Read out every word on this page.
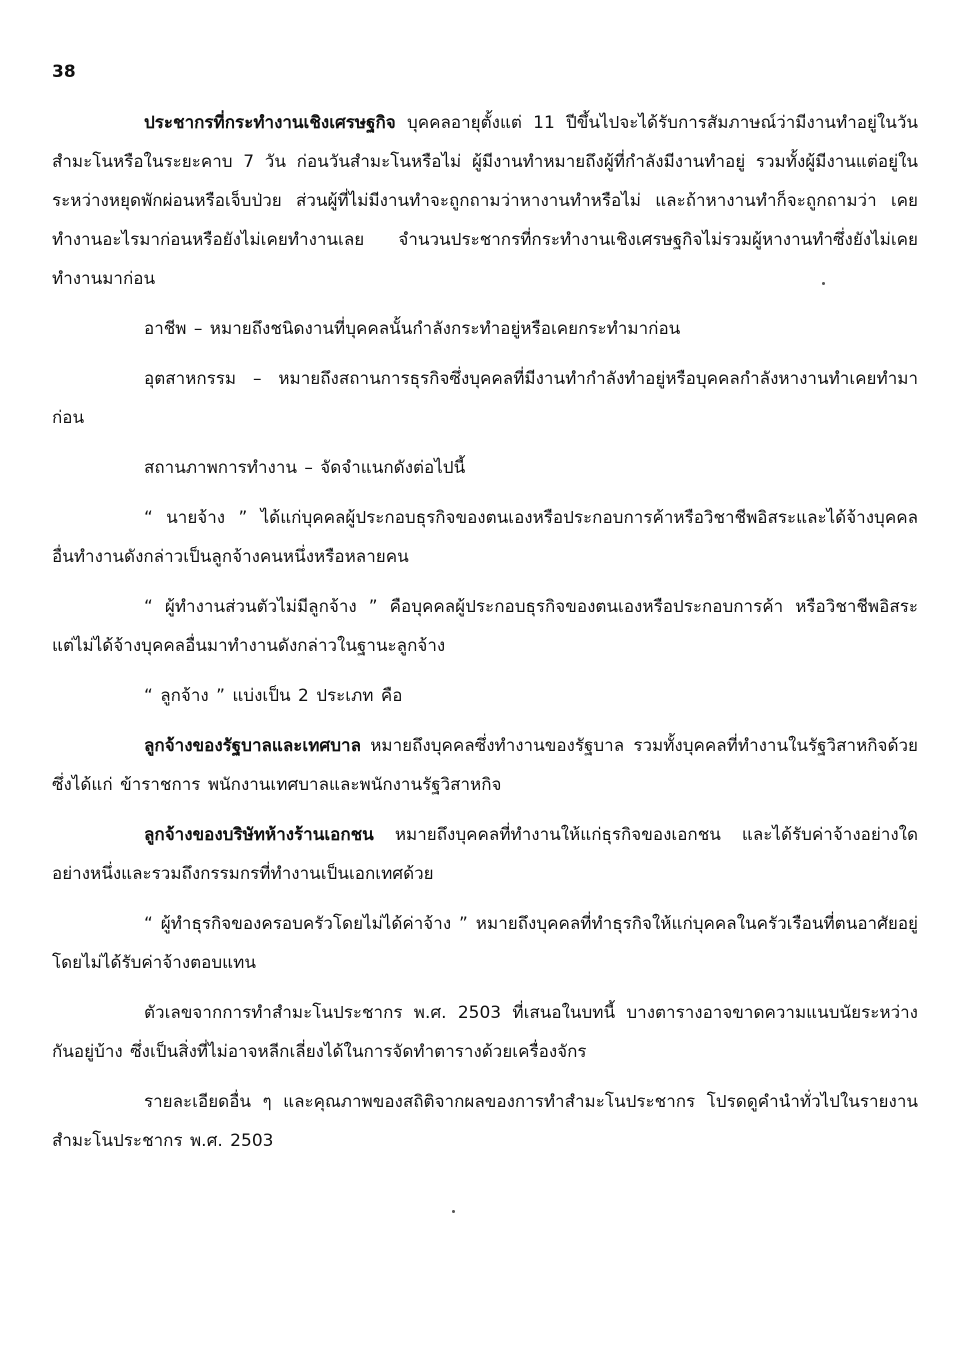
38

ประชากรที่กระทำงานเชิงเศรษฐกิจ บุคคลอายุตั้งแต่ 11 ปีขึ้นไปจะได้รับการสัมภาษณ์ว่ามีงานทำอยู่ในวันสำมะโนหรือในระยะคาบ 7 วัน ก่อนวันสำมะโนหรือไม่ ผู้มีงานทำหมายถึงผู้ที่กำลังมีงานทำอยู่ รวมทั้งผู้มีงานแต่อยู่ในระหว่างหยุดพักผ่อนหรือเจ็บป่วย ส่วนผู้ที่ไม่มีงานทำจะถูกถามว่าหางานทำหรือไม่ และถ้าหางานทำก็จะถูกถามว่า เคยทำงานอะไรมาก่อนหรือยังไม่เคยทำงานเลย จำนวนประชากรที่กระทำงานเชิงเศรษฐกิจไม่รวมผู้หางานทำซึ่งยังไม่เคยทำงานมาก่อน

อาชีพ – หมายถึงชนิดงานที่บุคคลนั้นกำลังกระทำอยู่หรือเคยกระทำมาก่อน

อุตสาหกรรม – หมายถึงสถานการธุรกิจซึ่งบุคคลที่มีงานทำกำลังทำอยู่หรือบุคคลกำลังหางานทำเคยทำมาก่อน

สถานภาพการทำงาน – จัดจำแนกดังต่อไปนี้

“ นายจ้าง ” ได้แก่บุคคลผู้ประกอบธุรกิจของตนเองหรือประกอบการค้าหรือวิชาชีพอิสระและได้จ้างบุคคลอื่นทำงานดังกล่าวเป็นลูกจ้างคนหนึ่งหรือหลายคน

“ ผู้ทำงานส่วนตัวไม่มีลูกจ้าง ” คือบุคคลผู้ประกอบธุรกิจของตนเองหรือประกอบการค้า หรือวิชาชีพอิสระ แต่ไม่ได้จ้างบุคคลอื่นมาทำงานดังกล่าวในฐานะลูกจ้าง

“ ลูกจ้าง ” แบ่งเป็น 2 ประเภท คือ

ลูกจ้างของรัฐบาลและเทศบาล หมายถึงบุคคลซึ่งทำงานของรัฐบาล รวมทั้งบุคคลที่ทำงานในรัฐวิสาหกิจด้วย ซึ่งได้แก่ ข้าราชการ พนักงานเทศบาลและพนักงานรัฐวิสาหกิจ

ลูกจ้างของบริษัทห้างร้านเอกชน หมายถึงบุคคลที่ทำงานให้แก่ธุรกิจของเอกชน และได้รับค่าจ้างอย่างใดอย่างหนึ่งและรวมถึงกรรมกรที่ทำงานเป็นเอกเทศด้วย

“ ผู้ทำธุรกิจของครอบครัวโดยไม่ได้ค่าจ้าง ” หมายถึงบุคคลที่ทำธุรกิจให้แก่บุคคลในครัวเรือนที่ตนอาศัยอยู่โดยไม่ได้รับค่าจ้างตอบแทน

ตัวเลขจากการทำสำมะโนประชากร พ.ศ. 2503 ที่เสนอในบทนี้ บางตารางอาจขาดความแนบนัยระหว่างกันอยู่บ้าง ซึ่งเป็นสิ่งที่ไม่อาจหลีกเลี่ยงได้ในการจัดทำตารางด้วยเครื่องจักร

รายละเอียดอื่น ๆ และคุณภาพของสถิติจากผลของการทำสำมะโนประชากร โปรดดูคำนำทั่วไปในรายงานสำมะโนประชากร พ.ศ. 2503
